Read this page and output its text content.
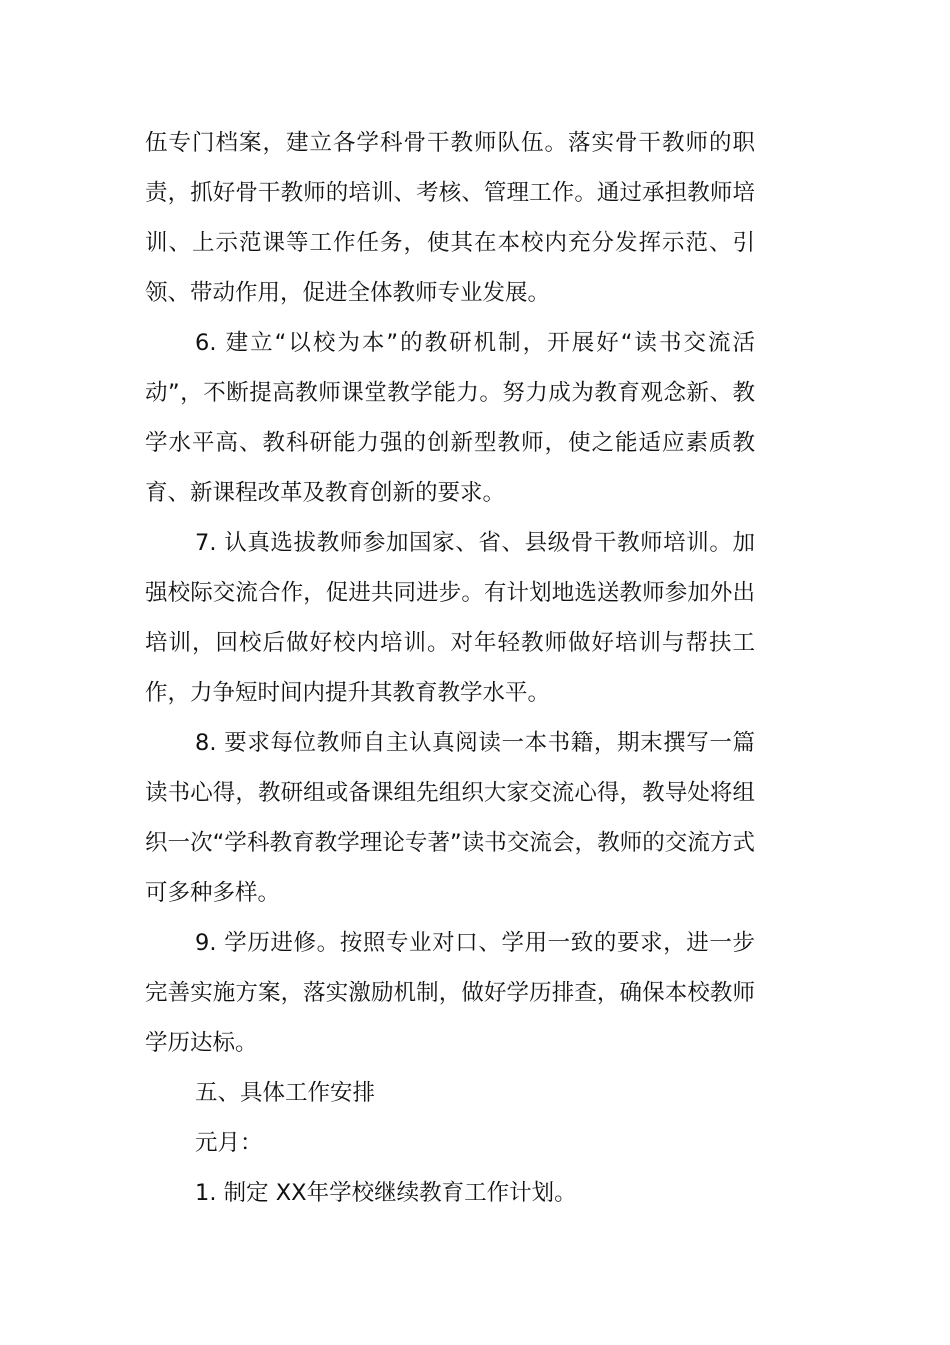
伍专门档案，建立各学科骨干教师队伍。落实骨干教师的职责，抓好骨干教师的培训、考核、管理工作。通过承担教师培训、上示范课等工作任务，使其在本校内充分发挥示范、引领、带动作用，促进全体教师专业发展。

6. 建立“以校为本”的教研机制，开展好“读书交流活动”，不断提高教师课堂教学能力。努力成为教育观念新、教学水平高、教科研能力强的创新型教师，使之能适应素质教育、新课程改革及教育创新的要求。

7. 认真选拔教师参加国家、省、县级骨干教师培训。加强校际交流合作，促进共同进步。有计划地选送教师参加外出培训，回校后做好校内培训。对年轻教师做好培训与帮扶工作，力争短时间内提升其教育教学水平。

8. 要求每位教师自主认真阅读一本书籍，期末撰写一篇读书心得，教研组或备课组先组织大家交流心得，教导处将组织一次“学科教育教学理论专著”读书交流会，教师的交流方式可多种多样。

9. 学历进修。按照专业对口、学用一致的要求，进一步完善实施方案，落实激励机制，做好学历排查，确保本校教师学历达标。

五、具体工作安排

元月：

1. 制定 XX年学校继续教育工作计划。
